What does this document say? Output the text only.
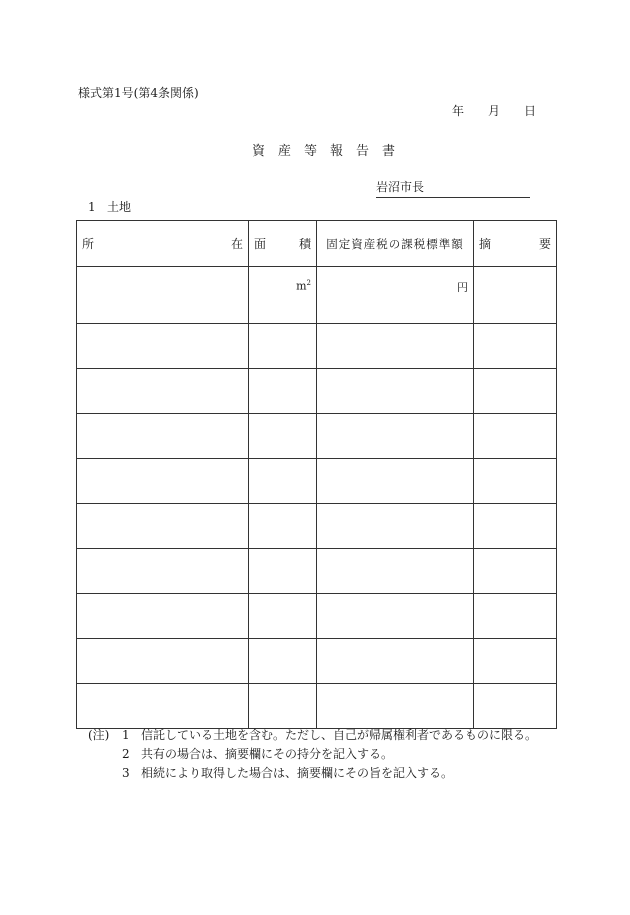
様式第1号(第4条関係)
年 月 日
資産等報告書
岩沼市長
1 土地
所 在	面 積	固定資産税の課税標準額	摘 要

	$m^2$	円	

(注)	1 信託している土地を含む。ただし、自己が帰属権利者であるものに限る。
2 共有の場合は、摘要欄にその持分を記入する。
3 相続により取得した場合は、摘要欄にその旨を記入する。
